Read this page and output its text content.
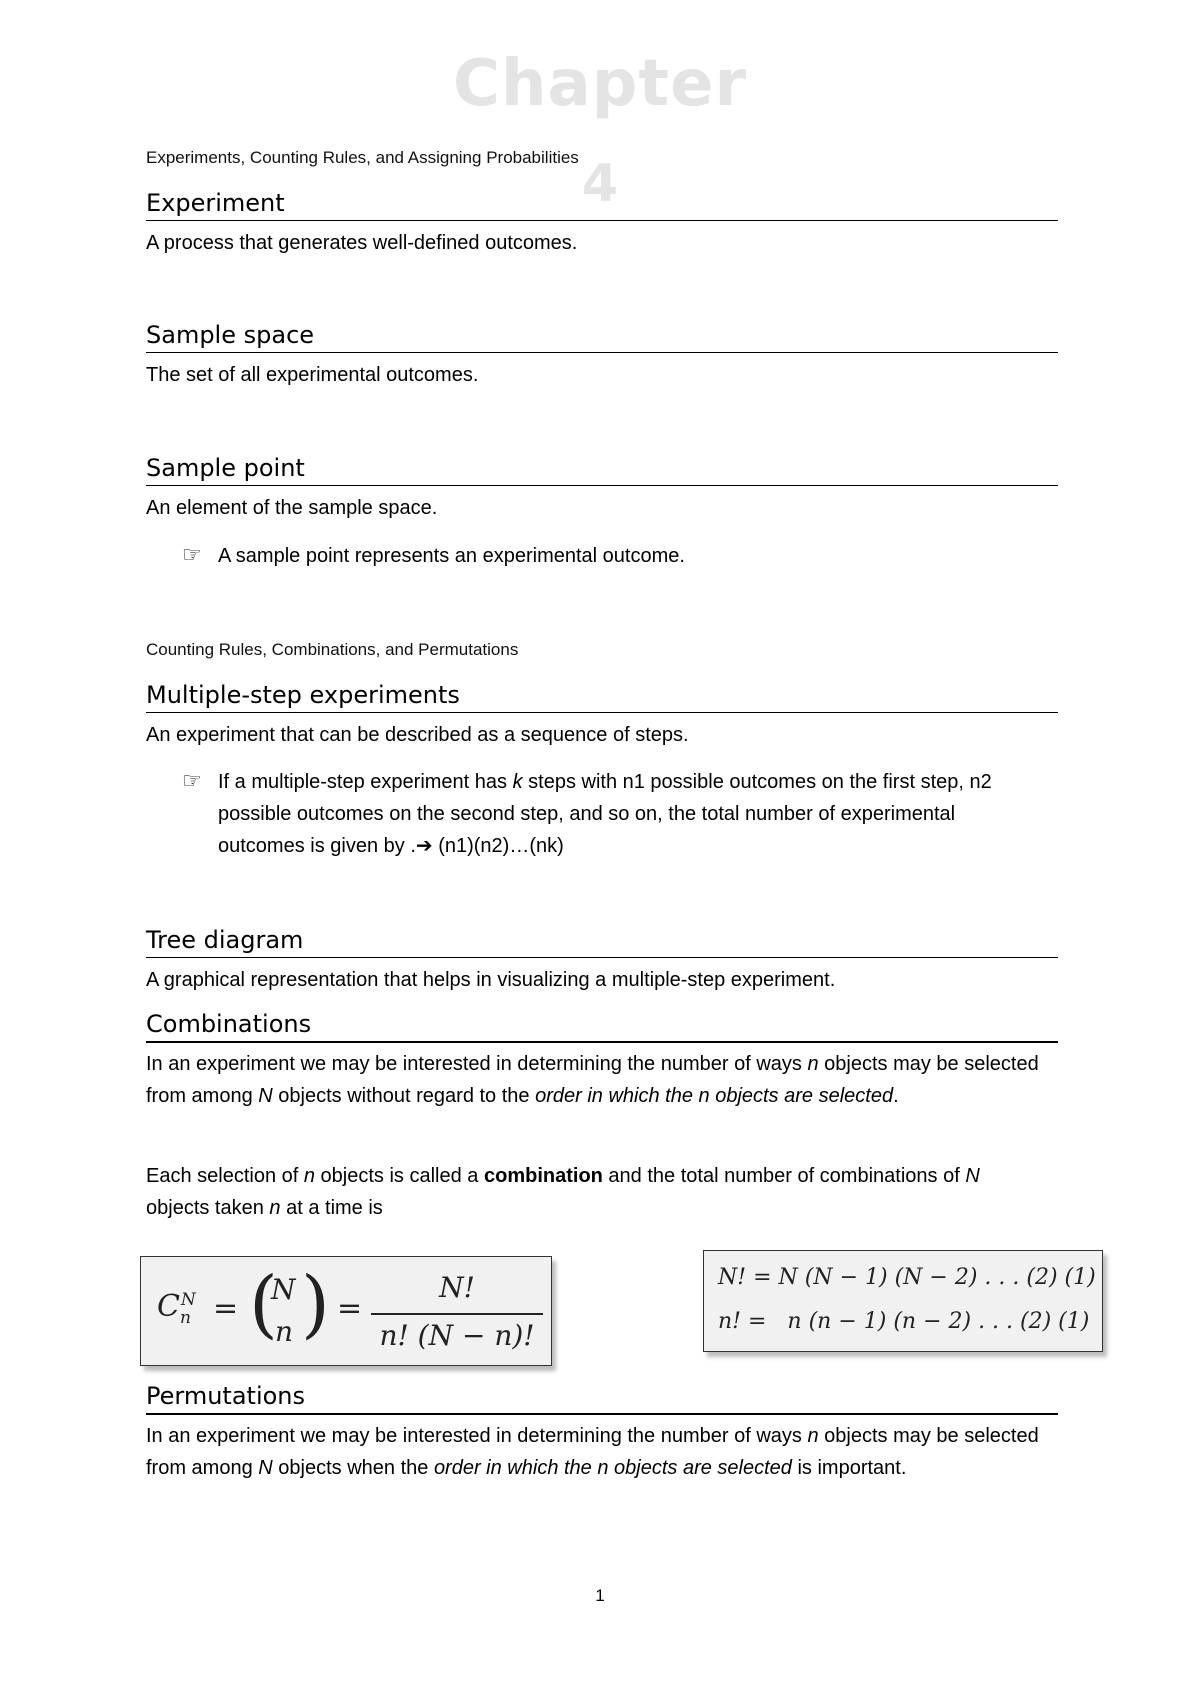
Chapter
4
Experiments, Counting Rules, and Assigning Probabilities
Experiment
A process that generates well-defined outcomes.
Sample space
The set of all experimental outcomes.
Sample point
An element of the sample space.
☞ A sample point represents an experimental outcome.
Counting Rules, Combinations, and Permutations
Multiple-step experiments
An experiment that can be described as a sequence of steps.
☞ If a multiple-step experiment has k steps with n1 possible outcomes on the first step, n2 possible outcomes on the second step, and so on, the total number of experimental outcomes is given by .➔ (n1)(n2)…(nk)
Tree diagram
A graphical representation that helps in visualizing a multiple-step experiment.
Combinations
In an experiment we may be interested in determining the number of ways n objects may be selected from among N objects without regard to the order in which the n objects are selected.
Each selection of n objects is called a combination and the total number of combinations of N objects taken n at a time is
$C_n^N$ = (
N
n ) =
N!
n! (N − n)!
N! = N (N − 1) (N − 2) . . . (2) (1)
n! =   n (n − 1) (n − 2) . . . (2) (1)
Permutations
In an experiment we may be interested in determining the number of ways n objects may be selected from among N objects when the order in which the n objects are selected is important.
1
